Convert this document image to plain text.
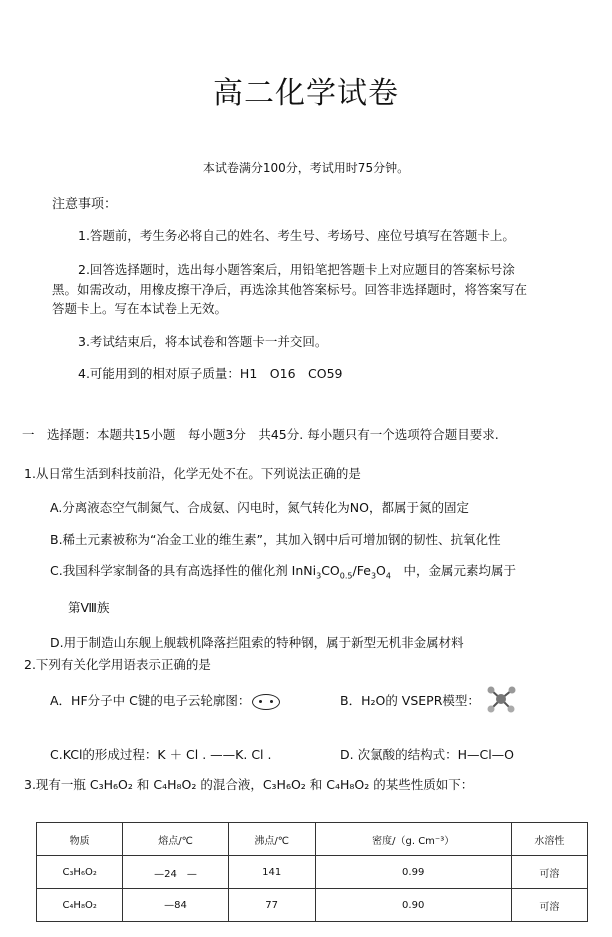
高二化学试卷
本试卷满分100分，考试用时75分钟。
注意事项：
1.答题前，考生务必将自己的姓名、考生号、考场号、座位号填写在答题卡上。
2.回答选择题时，选出每小题答案后，用铅笔把答题卡上对应题目的答案标号涂
黑。如需改动，用橡皮擦干净后，再选涂其他答案标号。回答非选择题时，将答案写在
答题卡上。写在本试卷上无效。
3.考试结束后，将本试卷和答题卡一并交回。
4.可能用到的相对原子质量：H1　O16　CO59
一　选择题：本题共15小题　每小题3分　共45分. 每小题只有一个选项符合题目要求.
1.从日常生活到科技前沿，化学无处不在。下列说法正确的是
A.分离液态空气制氮气、合成氨、闪电时，氮气转化为NO，都属于氮的固定
B.稀土元素被称为“冶金工业的维生素”，其加入钢中后可增加钢的韧性、抗氧化性
C.我国科学家制备的具有高选择性的催化剂 $InNi_3CO_{0.5}/Fe_3O_4$　 中，金属元素均属于
第Ⅷ族
D.用于制造山东舰上舰载机降落拦阻索的特种钢，属于新型无机非金属材料
2.下列有关化学用语表示正确的是
A．HF分子中 C键的电子云轮廓图：	B．H₂O的 VSEPR模型：
C.KCl的形成过程：K ＋ Cl . ——K. Cl .	D. 次氯酸的结构式：H—Cl—O
3.现有一瓶 C₃H₆O₂ 和 C₄H₈O₂ 的混合液，C₃H₆O₂ 和 C₄H₈O₂ 的某些性质如下：
物质	熔点/℃	沸点/℃	密度/（g. Cm⁻³）	水溶性
C₃H₆O₂	—24　—	141	0.99	可溶
C₄H₈O₂	—84	77	0.90	可溶
